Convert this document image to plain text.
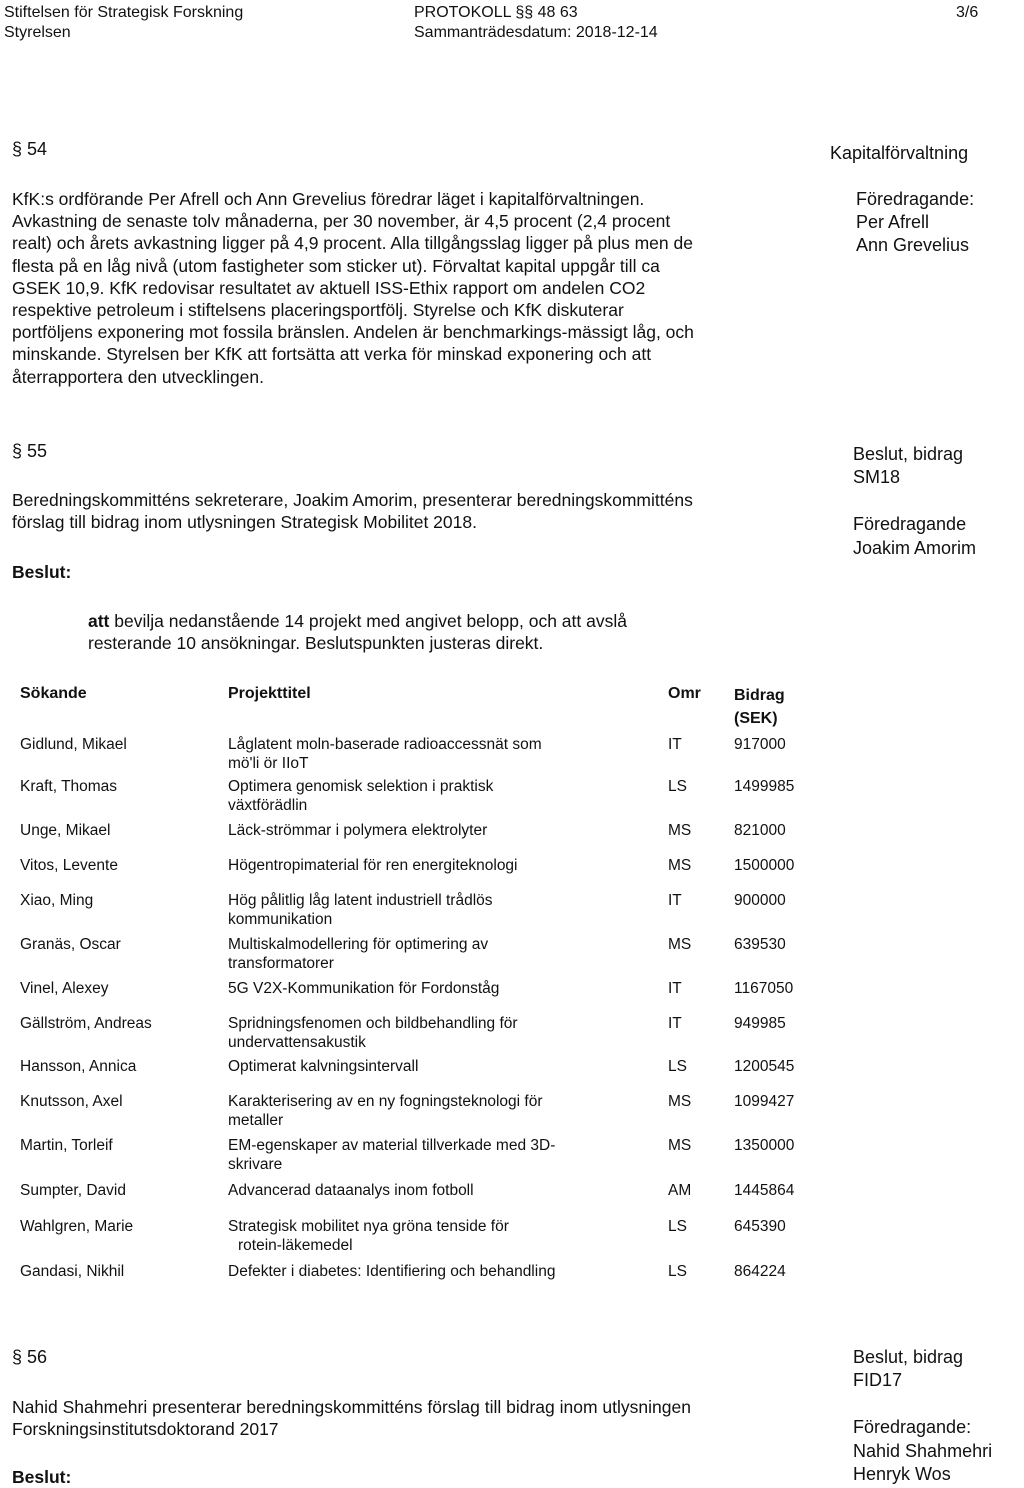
Stiftelsen för Strategisk Forskning
Styrelsen
PROTOKOLL §§ 48 63
Sammanträdesdatum: 2018-12-14
3/6
§ 54	Kapitalförvaltning
Föredragande:
Per Afrell
Ann Grevelius

KfK:s ordförande Per Afrell och Ann Grevelius föredrar läget i kapitalförvaltningen.

Avkastning de senaste tolv månaderna, per 30 november, är 4,5 procent (2,4 procent

realt) och årets avkastning ligger på 4,9 procent. Alla tillgångsslag ligger på plus men de

flesta på en låg nivå (utom fastigheter som sticker ut). Förvaltat kapital uppgår till ca

GSEK 10,9. KfK redovisar resultatet av aktuell ISS-Ethix rapport om andelen CO2

respektive petroleum i stiftelsens placeringsportfölj. Styrelse och KfK diskuterar

portföljens exponering mot fossila bränslen. Andelen är benchmarkings-mässigt låg, och

minskande. Styrelsen ber KfK att fortsätta att verka för minskad exponering och att

återrapportera den utvecklingen.

§ 55	Beslut, bidrag
SM18
Föredragande
Joakim Amorim

Beredningskommitténs sekreterare, Joakim Amorim, presenterar beredningskommitténs

förslag till bidrag inom utlysningen Strategisk Mobilitet 2018.

Beslut:

att bevilja nedanstående 14 projekt med angivet belopp, och att avslå

resterande 10 ansökningar. Beslutspunkten justeras direkt.

Sökande	Projekttitel	Omr	Bidrag
(SEK)
Gidlund, Mikael	Låglatent moln-baserade radioaccessnät som
mö'li ör IIoT
IT	917000
Kraft, Thomas	Optimera genomisk selektion i praktisk
växtförädlin
LS	1499985
Unge, Mikael	Läck-strömmar i polymera elektrolyter	MS	821000
Vitos, Levente	Högentropimaterial för ren energiteknologi	MS	1500000
Xiao, Ming	Hög pålitlig låg latent industriell trådlös
kommunikation
IT	900000
Granäs, Oscar	Multiskalmodellering för optimering av
transformatorer
MS	639530
Vinel, Alexey	5G V2X-Kommunikation för Fordonståg	IT	1167050
Gällström, Andreas	Spridningsfenomen och bildbehandling för
undervattensakustik
IT	949985
Hansson, Annica	Optimerat kalvningsintervall	LS	1200545
Knutsson, Axel	Karakterisering av en ny fogningsteknologi för
metaller
MS	1099427
Martin, Torleif	EM-egenskaper av material tillverkade med 3D-
skrivare
MS	1350000
Sumpter, David	Advancerad dataanalys inom fotboll	AM	1445864
Wahlgren, Marie	Strategisk mobilitet nya gröna tenside för
rotein-läkemedel
LS	645390
Gandasi, Nikhil	Defekter i diabetes: Identifiering och behandling	LS	864224
§ 56	Beslut, bidrag
FID17
Föredragande:
Nahid Shahmehri
Henryk Wos

Nahid Shahmehri presenterar beredningskommitténs förslag till bidrag inom utlysningen

Forskningsinstitutsdoktorand 2017

Beslut:
